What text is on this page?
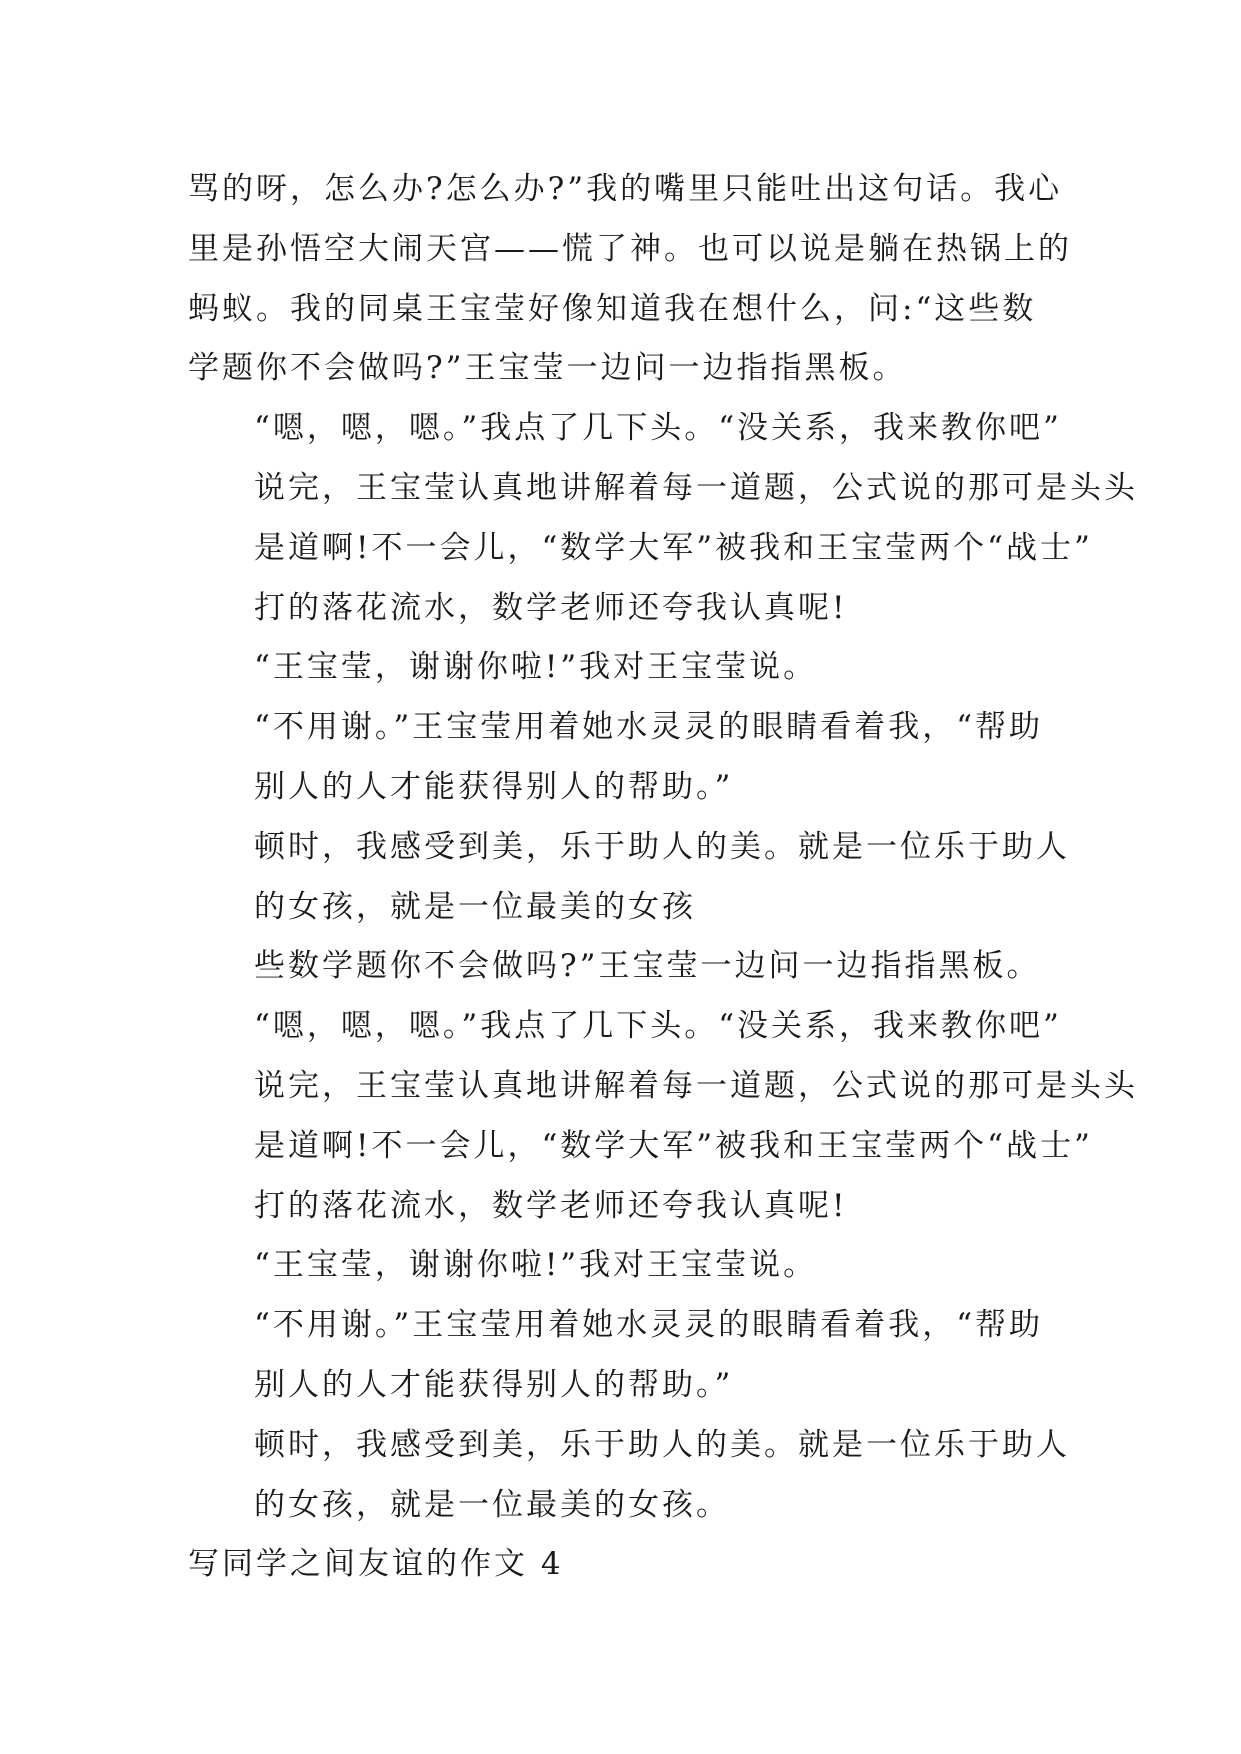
骂的呀，怎么办?怎么办?”我的嘴里只能吐出这句话。我心
里是孙悟空大闹天宫——慌了神。也可以说是躺在热锅上的
蚂蚁。我的同桌王宝莹好像知道我在想什么，问:“这些数
学题你不会做吗?”王宝莹一边问一边指指黑板。
“嗯，嗯，嗯。”我点了几下头。“没关系，我来教你吧”
说完，王宝莹认真地讲解着每一道题，公式说的那可是头头
是道啊!不一会儿，“数学大军”被我和王宝莹两个“战士”
打的落花流水，数学老师还夸我认真呢!
“王宝莹，谢谢你啦!”我对王宝莹说。
“不用谢。”王宝莹用着她水灵灵的眼睛看着我，“帮助
别人的人才能获得别人的帮助。”
顿时，我感受到美，乐于助人的美。就是一位乐于助人
的女孩，就是一位最美的女孩
些数学题你不会做吗?”王宝莹一边问一边指指黑板。
“嗯，嗯，嗯。”我点了几下头。“没关系，我来教你吧”
说完，王宝莹认真地讲解着每一道题，公式说的那可是头头
是道啊!不一会儿，“数学大军”被我和王宝莹两个“战士”
打的落花流水，数学老师还夸我认真呢!
“王宝莹，谢谢你啦!”我对王宝莹说。
“不用谢。”王宝莹用着她水灵灵的眼睛看着我，“帮助
别人的人才能获得别人的帮助。”
顿时，我感受到美，乐于助人的美。就是一位乐于助人
的女孩，就是一位最美的女孩。
写同学之间友谊的作文 4
